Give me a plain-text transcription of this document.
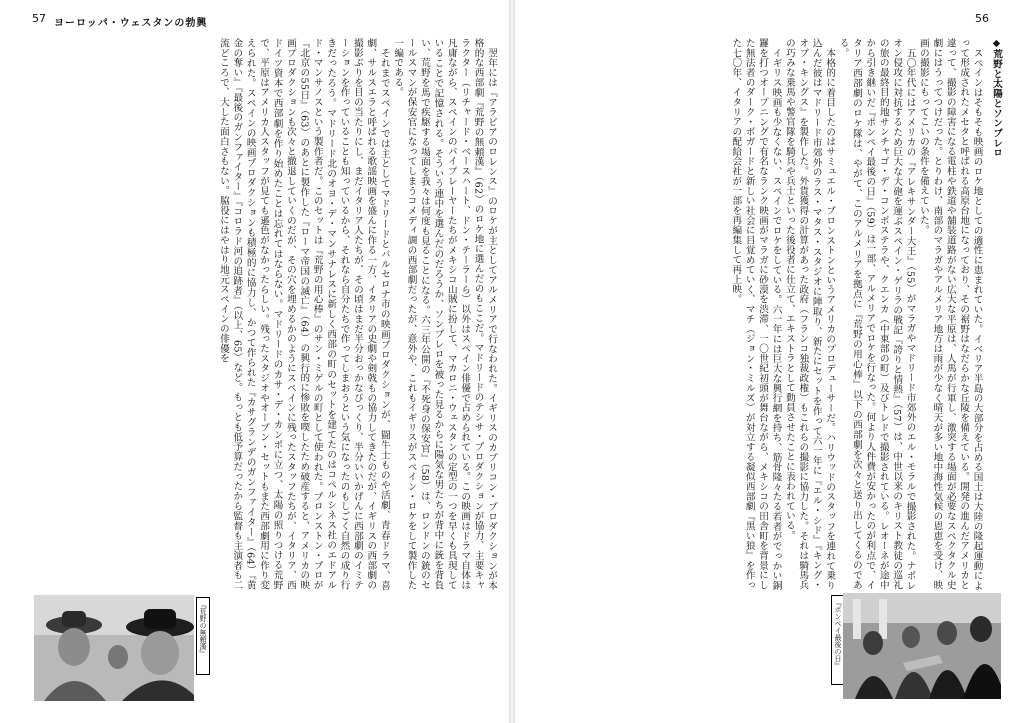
57 ヨーロッパ・ウェスタンの勃興

翌年には『アラビアのロレンス』のロケが主としてアルメリアで行なわれた。イギリスのカプリコン・プロダクションが本格的な西部劇『荒野の無頼漢』（62）のロケ地に選んだのもここだ。マドリードのテシサ・プロダクションが協力、主要キャラクター（リチャード・ベースハート、ドン・テーラーら）以外はスペイン俳優で占められている。この映画はドラマ自体は凡庸ながら、スペインのパイプレーヤーたちがメキシコ山賊に扮して、マカロニ・ウェスタンの定型の一つを早くも具現していることで記憶される。そういう連中を選んだのだろうか、ソンブレロを被った見るからに陽気な男たちが背中に銃を背負い、荒野を馬で疾駆する場面を我々は何度も見ることになる。六三年公開の『不死身の保安官』（58）は、ロンドンの銃のセールスマンが保安官になってしまうコメディ調の西部劇だったが、意外や、これもイギリスがスペイン・ロケをして製作した一編である。

それまでスペインでは主としてマドリードとバルセロナ市の映画プロダクションが、闘牛士ものや活劇、青春ドラマ、喜劇、サルスエラと呼ばれる歌謡映画を盛んに作る一方、イタリアの史劇や剣戟もの協力してきたのだが、イギリスの西部劇の撮影ぶりを目の当たりにし、まだイタリア人たちが、その頃はまだ半分おっかなびっくり、半分いいかげんに西部劇のイミテーションを作っていることも知っているから、それなら自分たちで作ってしまおうという気になったのもしごく自然の成り行きだったろう。マドリード北のオヨ・デ・マンサナレスに新しく西部の町のセットを建てたのはコペルシネス社のエドアルド・マンサノスという製作者だ。このセットは『荒野の用心棒』のサン・ミゲルの町として使われた。ブロンストン・プロが『北京の55日』（63）のあとに製作した『ローマ帝国の滅亡』（64）の興行的に惨敗を喫したため破産すると、アメリカの映画プロダクションも次々と撤退していくのだが、その穴を埋めるかのようにスペインに残ったスタッフたちが、イタリア、西ドイツ資本で西部劇を作り始めたことは忘れてはならない。マドリードのカサ・デ・カンポに立つ、太陽の照りつける荒野で、平原はアメリカ人スタッフが見ても遜色がなかったらしい。残ったスタジオやオープン・セットもまた西部劇用に作り変えられた。スペインの映画プロダクションも積極的に協力し、かつて作られた『カサグランデのガンファイター』（64）『黄金の奪い』『最後のガンファイター』『コロラド河の追跡者』（以上、65）など。もっとも低予算だったから監督も主演者も二流どころで、大した面白さもない。脇役にはやはり地元スペインの俳優を

『荒野の無頼漢』
56

◆荒野と太陽とソンブレロ

スペインはそもそも映画のロケ地としての適性に恵まれていた。イベリア半島の大部分を占める国土は大陸の隆起運動によって形成されたメセタと呼ばれる高原台地になっており、その裾野はなだらかな丘陵を備えている。開発の進んだアメリカと違って、撮影の障害になる電柱や鉄道や舗装道路がない広大な平原は、人馬が行軍し、激突する場面が必要なスペクタクル史劇にはうってつけだった。とりわけ、南部のマラガやアルメリア地方は雨が少なく晴天が多い地中海性気候の恩恵を受け、映画の撮影にもってこいの条件を備えていた。

五〇年代にはアメリカの『アレキサンダー大王』（55）がマラガやマドリード市郊外のエル・モラルで撮影された。ナポレオン侵攻に対抗するため巨大な大砲を運ぶスペイン・ゲリラの戦記『誇りと情熱』（57）は、中世以来のキリスト教徒の巡礼の旅の最終目的地サンチャゴ・デ・コンポステラや、クエンカ（中東部の町）及びトレドで撮影されている。レオーネが途中から引き継いだ『ポンペイ最後の日』（59）は一部、アルメリアでロケを行なった。何より人件費が安かったのが利点で、イタリア西部劇のロケ隊は、やがて、このアルメリアを拠点に『荒野の用心棒』以下の西部劇を次々と送り出してくるのである。

本格的に着目したのはサミュエル・ブロンストンというアメリカのプロデューサーだ。ハリウッドのスタッフを連れて乗り込んだ彼はマドリード市郊外のラス・マタス・スタジオに陣取り、新たにセットを作って六一年に『エル・シド』『キング・オブ・キングス』を製作した。外貨獲得の計算があった政府（フランコ独裁政権）もこれらの撮影に協力した。それは騎馬兵の巧みな乗馬や警官隊を騎兵や兵士といった後役者に仕立て、エキストラとして動員させたことに表われている。

イギリス映画も少なくない、スペインでロケをしている。六一年には巨大な興行網を持ち、筋骨隆々たる若者がでっかい銅鑼を打つオープニングで有名なランク映画がマラガに砂漠を渋滞、一〇世紀初頭が舞台ながら、メキシコの田舎町を背景にした無法者のダーク・ボガードと新しい社会に目覚めていく、マチ（ジョン・ミルズ）が対立する凝似西部劇『黒い狼』を作った七〇年、イタリアの配給会社が一部を再編集して再上映。

『ポンペイ最後の日』
